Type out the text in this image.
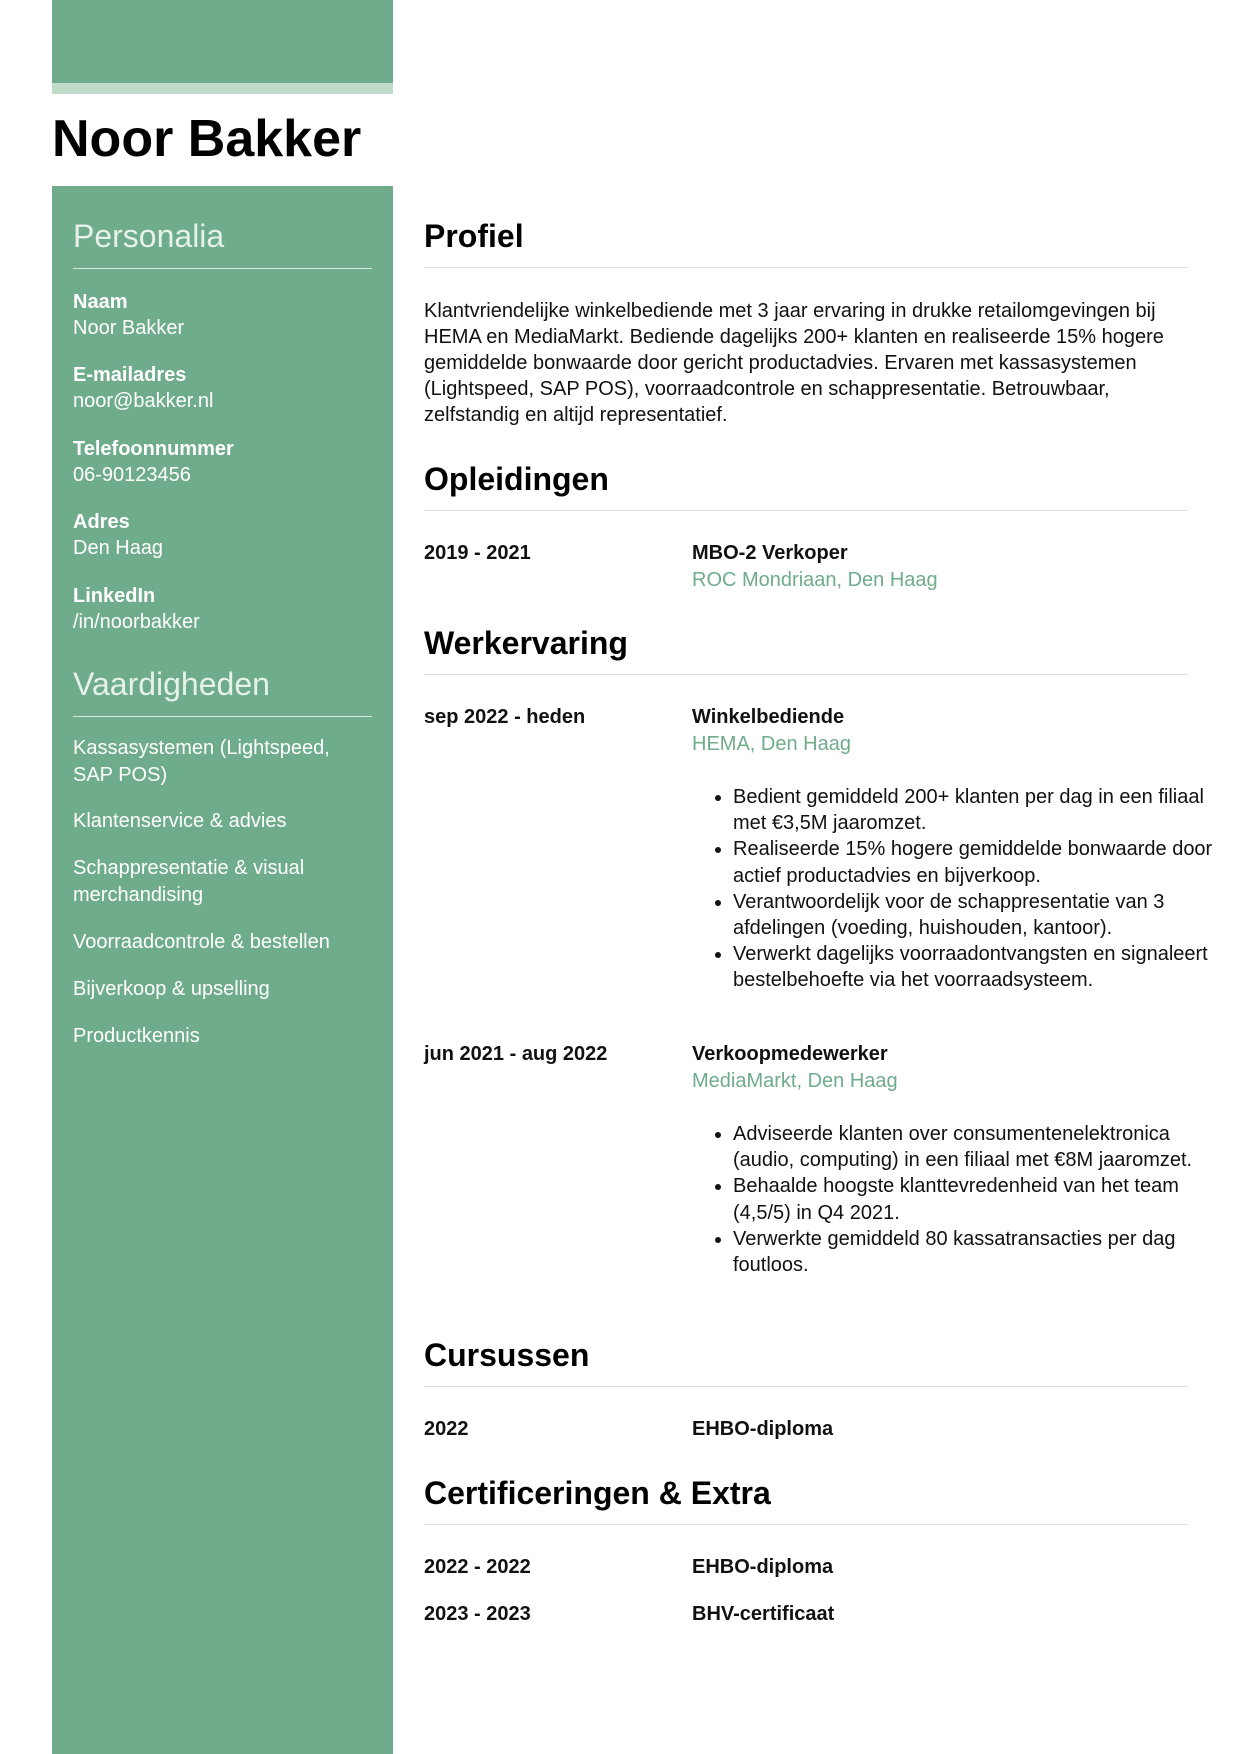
Noor Bakker
Personalia
Naam
Noor Bakker
E-mailadres
noor@bakker.nl
Telefoonnummer
06-90123456
Adres
Den Haag
LinkedIn
/in/noorbakker
Vaardigheden
Kassasystemen (Lightspeed, SAP POS)
Klantenservice & advies
Schappresentatie & visual merchandising
Voorraadcontrole & bestellen
Bijverkoop & upselling
Productkennis
Profiel
Klantvriendelijke winkelbediende met 3 jaar ervaring in drukke retailomgevingen bij HEMA en MediaMarkt. Bediende dagelijks 200+ klanten en realiseerde 15% hogere gemiddelde bonwaarde door gericht productadvies. Ervaren met kassasystemen (Lightspeed, SAP POS), voorraadcontrole en schappresentatie. Betrouwbaar, zelfstandig en altijd representatief.
Opleidingen
2019 - 2021	MBO-2 Verkoper
ROC Mondriaan, Den Haag
Werkervaring
sep 2022 - heden	Winkelbediende
HEMA, Den Haag
• Bedient gemiddeld 200+ klanten per dag in een filiaal met €3,5M jaaromzet.
• Realiseerde 15% hogere gemiddelde bonwaarde door actief productadvies en bijverkoop.
• Verantwoordelijk voor de schappresentatie van 3 afdelingen (voeding, huishouden, kantoor).
• Verwerkt dagelijks voorraadontvangsten en signaleert bestelbehoefte via het voorraadsysteem.
jun 2021 - aug 2022	Verkoopmedewerker
MediaMarkt, Den Haag
• Adviseerde klanten over consumentenelektronica (audio, computing) in een filiaal met €8M jaaromzet.
• Behaalde hoogste klanttevredenheid van het team (4,5/5) in Q4 2021.
• Verwerkte gemiddeld 80 kassatransacties per dag foutloos.
Cursussen
2022	EHBO-diploma
Certificeringen & Extra
2022 - 2022	EHBO-diploma
2023 - 2023	BHV-certificaat
